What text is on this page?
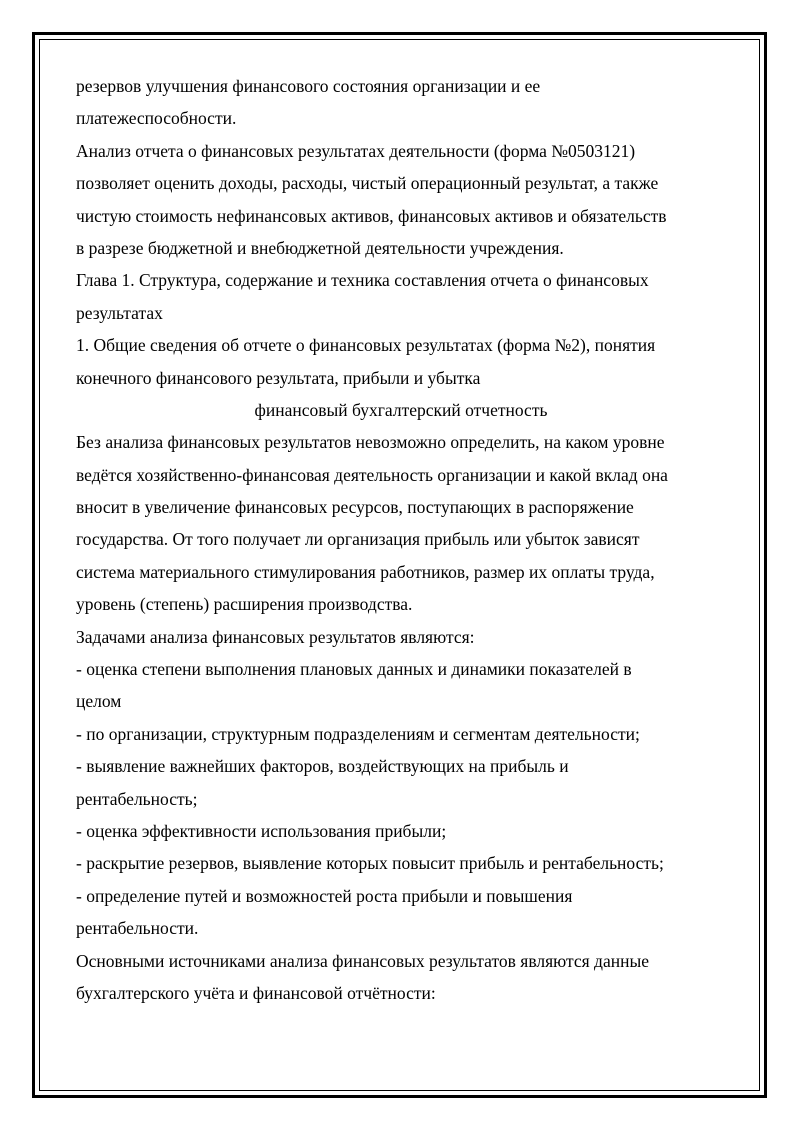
резервов улучшения финансового состояния организации и ее
платежеспособности.
Анализ отчета о финансовых результатах деятельности (форма №0503121)
позволяет оценить доходы, расходы, чистый операционный результат, а также
чистую стоимость нефинансовых активов, финансовых активов и обязательств
в разрезе бюджетной и внебюджетной деятельности учреждения.
Глава 1. Структура, содержание и техника составления отчета о финансовых
результатах
1. Общие сведения об отчете о финансовых результатах (форма №2), понятия
конечного финансового результата, прибыли и убытка
финансовый бухгалтерский отчетность
Без анализа финансовых результатов невозможно определить, на каком уровне
ведётся хозяйственно-финансовая деятельность организации и какой вклад она
вносит в увеличение финансовых ресурсов, поступающих в распоряжение
государства. От того получает ли организация прибыль или убыток зависят
система материального стимулирования работников, размер их оплаты труда,
уровень (степень) расширения производства.
Задачами анализа финансовых результатов являются:
- оценка степени выполнения плановых данных и динамики показателей в
целом
- по организации, структурным подразделениям и сегментам деятельности;
- выявление важнейших факторов, воздействующих на прибыль и
рентабельность;
- оценка эффективности использования прибыли;
- раскрытие резервов, выявление которых повысит прибыль и рентабельность;
- определение путей и возможностей роста прибыли и повышения
рентабельности.
Основными источниками анализа финансовых результатов являются данные
бухгалтерского учёта и финансовой отчётности:
